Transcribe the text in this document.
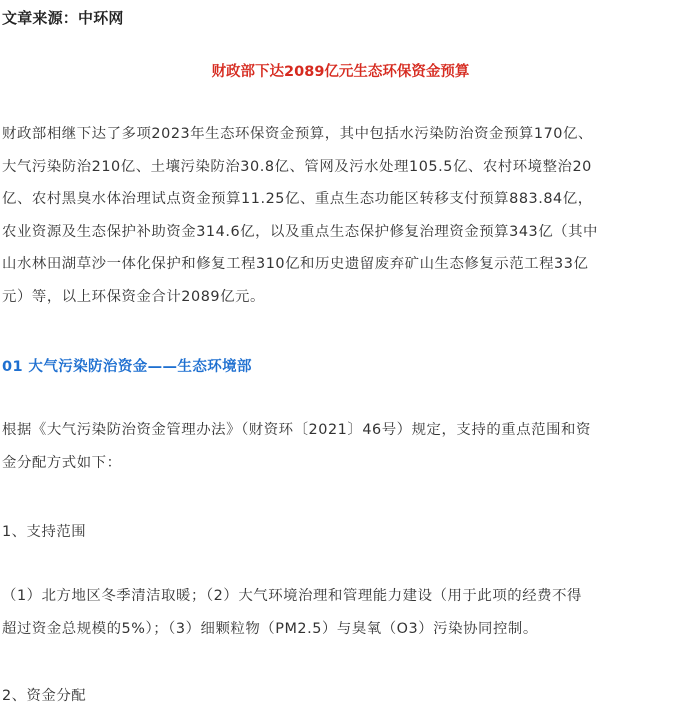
文章来源：中环网
财政部下达2089亿元生态环保资金预算
财政部相继下达了多项2023年生态环保资金预算，其中包括水污染防治资金预算170亿、
大气污染防治210亿、土壤污染防治30.8亿、管网及污水处理105.5亿、农村环境整治20
亿、农村黑臭水体治理试点资金预算11.25亿、重点生态功能区转移支付预算883.84亿，
农业资源及生态保护补助资金314.6亿，以及重点生态保护修复治理资金预算343亿（其中
山水林田湖草沙一体化保护和修复工程310亿和历史遗留废弃矿山生态修复示范工程33亿
元）等，以上环保资金合计2089亿元。
01 大气污染防治资金——生态环境部
根据《大气污染防治资金管理办法》（财资环〔2021〕46号）规定，支持的重点范围和资
金分配方式如下：
1、支持范围
（1）北方地区冬季清洁取暖；（2）大气环境治理和管理能力建设（用于此项的经费不得
超过资金总规模的5%）；（3）细颗粒物（PM2.5）与臭氧（O3）污染协同控制。
2、资金分配
